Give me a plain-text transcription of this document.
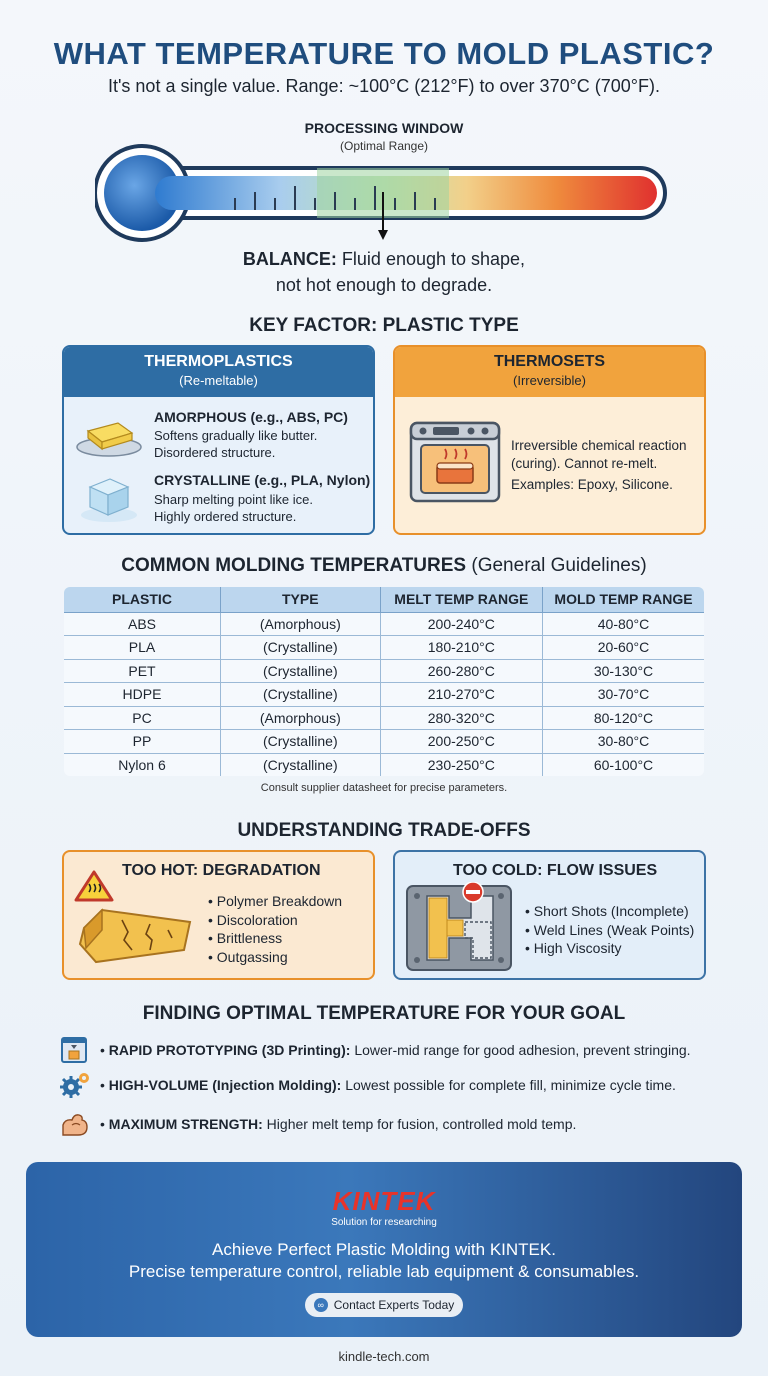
WHAT TEMPERATURE TO MOLD PLASTIC?
It's not a single value. Range: ~100°C (212°F) to over 370°C (700°F).
PROCESSING WINDOW
(Optimal Range)
BALANCE: Fluid enough to shape,
not hot enough to degrade.
KEY FACTOR: PLASTIC TYPE
THERMOPLASTICS
(Re-meltable)
AMORPHOUS (e.g., ABS, PC)
Softens gradually like butter.
Disordered structure.
CRYSTALLINE (e.g., PLA, Nylon)
Sharp melting point like ice.
Highly ordered structure.
THERMOSETS
(Irreversible)
Irreversible chemical reaction
(curing). Cannot re-melt.
Examples: Epoxy, Silicone.
COMMON MOLDING TEMPERATURES (General Guidelines)
PLASTIC	TYPE	MELT TEMP RANGE	MOLD TEMP RANGE
ABS	(Amorphous)	200-240°C	40-80°C
PLA	(Crystalline)	180-210°C	20-60°C
PET	(Crystalline)	260-280°C	30-130°C
HDPE	(Crystalline)	210-270°C	30-70°C
PC	(Amorphous)	280-320°C	80-120°C
PP	(Crystalline)	200-250°C	30-80°C
Nylon 6	(Crystalline)	230-250°C	60-100°C
Consult supplier datasheet for precise parameters.
UNDERSTANDING TRADE-OFFS
TOO HOT: DEGRADATION
• Polymer Breakdown
• Discoloration
• Brittleness
• Outgassing
TOO COLD: FLOW ISSUES
• Short Shots (Incomplete)
• Weld Lines (Weak Points)
• High Viscosity
FINDING OPTIMAL TEMPERATURE FOR YOUR GOAL
• RAPID PROTOTYPING (3D Printing): Lower-mid range for good adhesion, prevent stringing.
• HIGH-VOLUME (Injection Molding): Lowest possible for complete fill, minimize cycle time.
• MAXIMUM STRENGTH: Higher melt temp for fusion, controlled mold temp.
KINTEK
Solution for researching
Achieve Perfect Plastic Molding with KINTEK.
Precise temperature control, reliable lab equipment & consumables.
∞ Contact Experts Today
kindle-tech.com
